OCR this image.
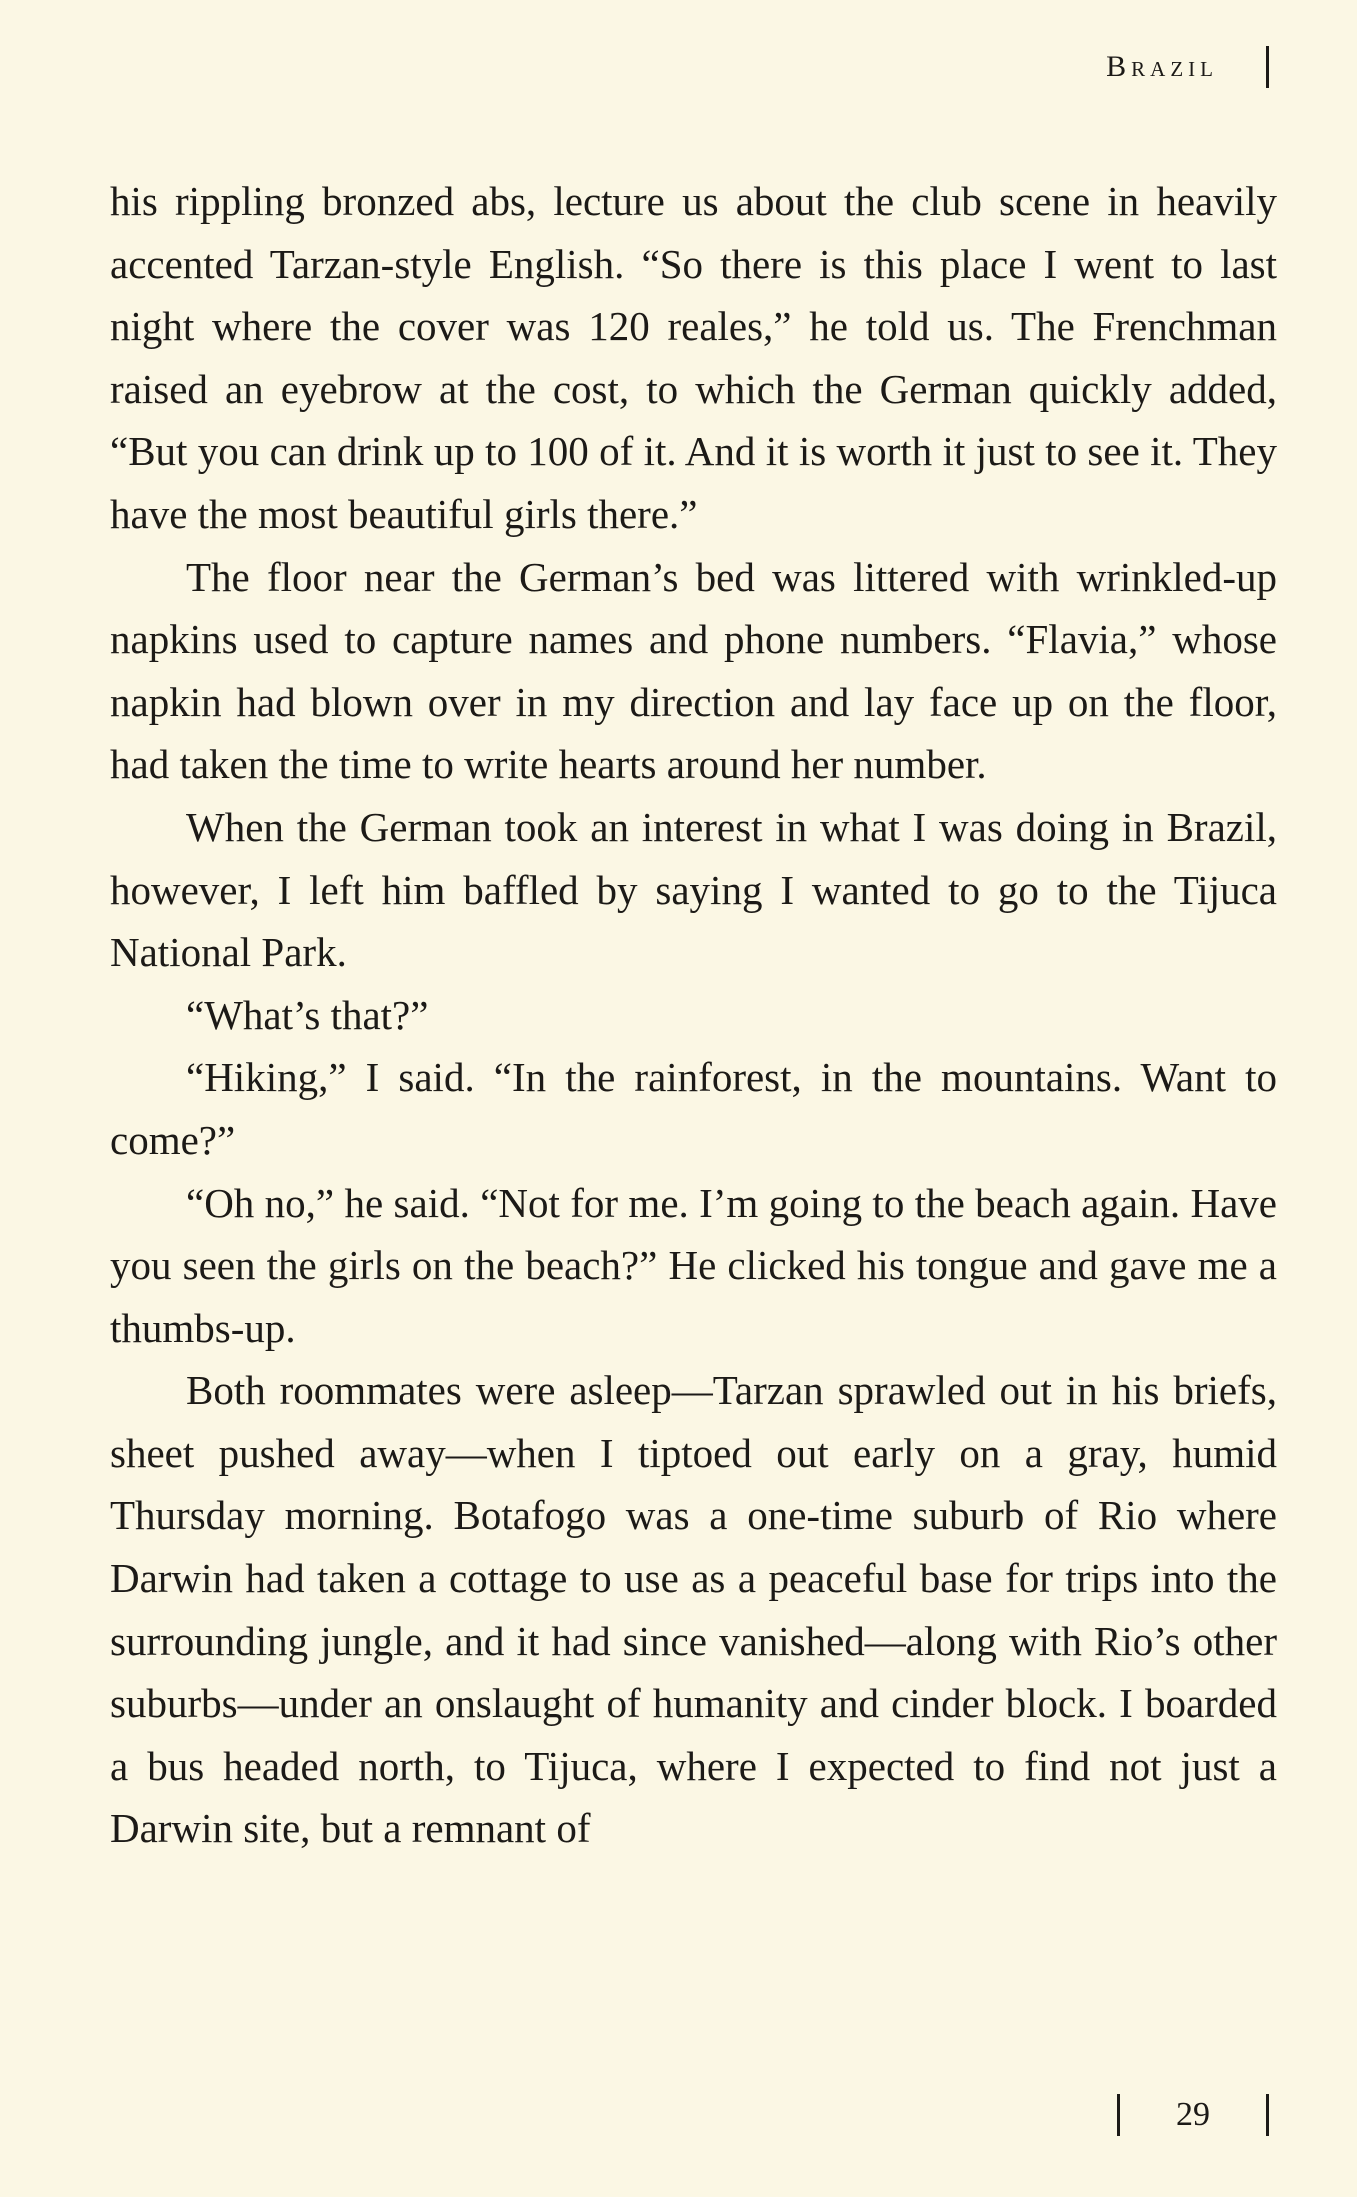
Brazil

his rippling bronzed abs, lecture us about the club scene in heavily accented Tarzan-style English. “So there is this place I went to last night where the cover was 120 reales,” he told us. The Frenchman raised an eyebrow at the cost, to which the German quickly added, “But you can drink up to 100 of it. And it is worth it just to see it. They have the most beautiful girls there.”

The floor near the German’s bed was littered with wrinkled-up napkins used to capture names and phone numbers. “Flavia,” whose napkin had blown over in my direction and lay face up on the floor, had taken the time to write hearts around her number.

When the German took an interest in what I was doing in Brazil, however, I left him baffled by saying I wanted to go to the Tijuca National Park.

“What’s that?”

“Hiking,” I said. “In the rainforest, in the mountains. Want to come?”

“Oh no,” he said. “Not for me. I’m going to the beach again. Have you seen the girls on the beach?” He clicked his tongue and gave me a thumbs-up.

Both roommates were asleep—Tarzan sprawled out in his briefs, sheet pushed away—when I tiptoed out early on a gray, humid Thursday morning. Botafogo was a one-time suburb of Rio where Darwin had taken a cottage to use as a peaceful base for trips into the surrounding jungle, and it had since vanished—along with Rio’s other suburbs—under an onslaught of humanity and cinder block. I boarded a bus headed north, to Tijuca, where I expected to find not just a Darwin site, but a remnant of

29
